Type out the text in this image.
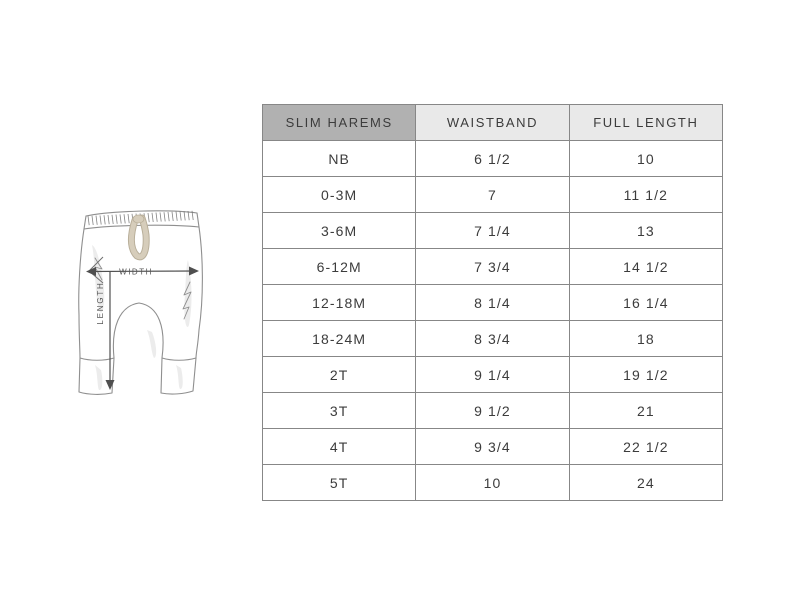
WIDTH
LENGTH
SLIM HAREMS	WAISTBAND	FULL LENGTH
NB	6 1/2	10
0-3M	7	11 1/2
3-6M	7 1/4	13
6-12M	7 3/4	14 1/2
12-18M	8 1/4	16 1/4
18-24M	8 3/4	18
2T	9 1/4	19 1/2
3T	9 1/2	21
4T	9 3/4	22 1/2
5T	10	24
